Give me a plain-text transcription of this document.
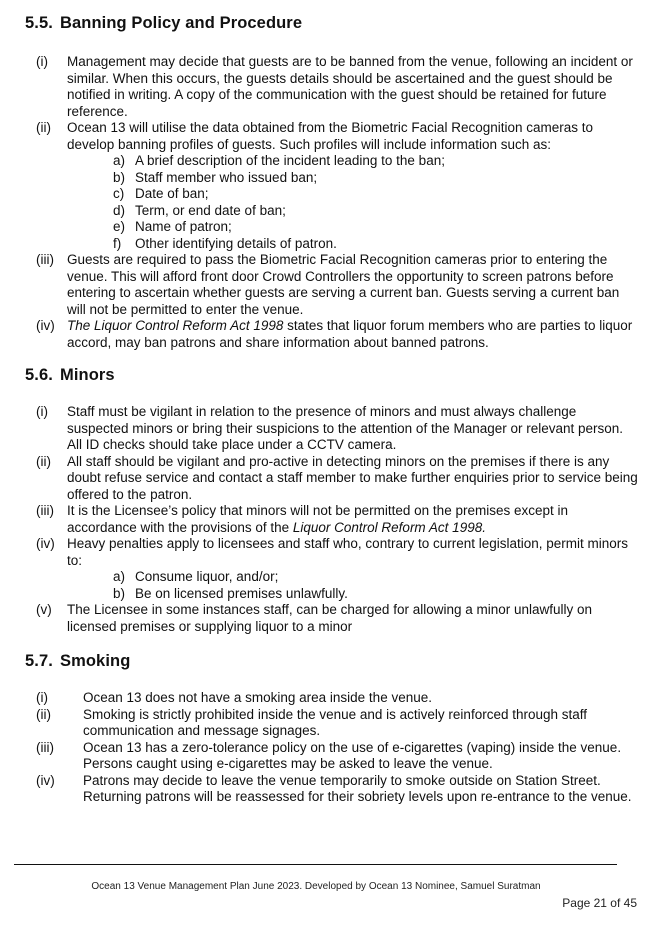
5.5. Banning Policy and Procedure
(i) Management may decide that guests are to be banned from the venue, following an incident or similar. When this occurs, the guests details should be ascertained and the guest should be notified in writing. A copy of the communication with the guest should be retained for future reference.
(ii) Ocean 13 will utilise the data obtained from the Biometric Facial Recognition cameras to develop banning profiles of guests. Such profiles will include information such as:
a) A brief description of the incident leading to the ban;
b) Staff member who issued ban;
c) Date of ban;
d) Term, or end date of ban;
e) Name of patron;
f) Other identifying details of patron.
(iii) Guests are required to pass the Biometric Facial Recognition cameras prior to entering the venue. This will afford front door Crowd Controllers the opportunity to screen patrons before entering to ascertain whether guests are serving a current ban. Guests serving a current ban will not be permitted to enter the venue.
(iv) The Liquor Control Reform Act 1998 states that liquor forum members who are parties to liquor accord, may ban patrons and share information about banned patrons.
5.6. Minors
(i) Staff must be vigilant in relation to the presence of minors and must always challenge suspected minors or bring their suspicions to the attention of the Manager or relevant person. All ID checks should take place under a CCTV camera.
(ii) All staff should be vigilant and pro-active in detecting minors on the premises if there is any doubt refuse service and contact a staff member to make further enquiries prior to service being offered to the patron.
(iii) It is the Licensee’s policy that minors will not be permitted on the premises except in accordance with the provisions of the Liquor Control Reform Act 1998.
(iv) Heavy penalties apply to licensees and staff who, contrary to current legislation, permit minors to:
a) Consume liquor, and/or;
b) Be on licensed premises unlawfully.
(v) The Licensee in some instances staff, can be charged for allowing a minor unlawfully on licensed premises or supplying liquor to a minor
5.7. Smoking
(i)	Ocean 13 does not have a smoking area inside the venue.
(ii) Smoking is strictly prohibited inside the venue and is actively reinforced through staff communication and message signages.
(iii) Ocean 13 has a zero-tolerance policy on the use of e-cigarettes (vaping) inside the venue. Persons caught using e-cigarettes may be asked to leave the venue.
(iv) Patrons may decide to leave the venue temporarily to smoke outside on Station Street. Returning patrons will be reassessed for their sobriety levels upon re-entrance to the venue.
Ocean 13 Venue Management Plan June 2023. Developed by Ocean 13 Nominee, Samuel Suratman
Page 21 of 45
